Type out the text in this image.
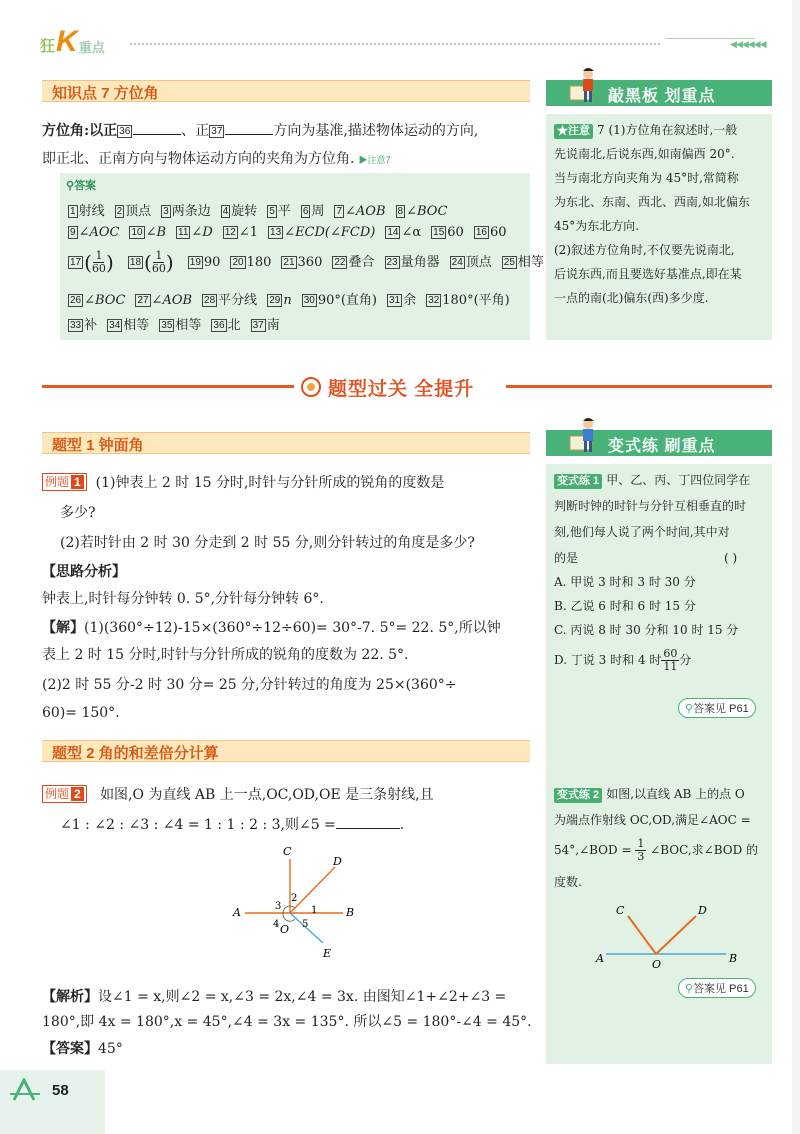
狂 K 重点	◀◀◀◀◀◀
知识点 7 方位角
方位角:以正 36	、正 37	方向为基准,描述物体运动的方向,
即正北、正南方向与物体运动方向的夹角为方位角. ▶注意7
⚲答案
1 射线 2 顶点 3 两条边 4 旋转 5 平 6 周 7 ∠AOB 8 ∠BOC
9 ∠AOC 10 ∠B 11 ∠D 12 ∠1 13 ∠ECD(∠FCD) 14 ∠α 15 60 16 60
17 ( $\frac{1}{60}$ ) 18 ( $\frac{1}{60}$ ) 19 90 20 180 21 360 22 叠合 23 量角器 24 顶点 25 相等
26 ∠BOC 27 ∠AOB 28 平分线 29 n 30 90°(直角) 31 余 32 180°(平角)
33 补 34 相等 35 相等 36 北 37 南
敲黑板 划重点
★注意 7 (1)方位角在叙述时,一般
先说南北,后说东西,如南偏西 20°.
当与南北方向夹角为 45°时,常简称
为东北、东南、西北、西南,如北偏东
45°为东北方向.
(2)叙述方位角时,不仅要先说南北,
后说东西,而且要选好基准点,即在某
一点的南(北)偏东(西)多少度.
题型过关 全提升
题型 1 钟面角
例题 1 (1)钟表上 2 时 15 分时,时针与分针所成的锐角的度数是
多少?
(2)若时针由 2 时 30 分走到 2 时 55 分,则分针转过的角度是多少?
【思路分析】
钟表上,时针每分钟转 0. 5°,分针每分钟转 6°.
【解】(1)(360°÷12)-15×(360°÷12÷60)= 30°-7. 5°= 22. 5°,所以钟
表上 2 时 15 分时,时针与分针所成的锐角的度数为 22. 5°.
(2)2 时 55 分-2 时 30 分= 25 分,分针转过的角度为 25×(360°÷
60)= 150°.
变式练 刷重点
变式练 1 甲、乙、丙、丁四位同学在
判断时钟的时针与分针互相垂直的时
刻,他们每人说了两个时间,其中对
的是	( )
A. 甲说 3 时和 3 时 30 分
B. 乙说 6 时和 6 时 15 分
C. 丙说 8 时 30 分和 10 时 15 分
D. 丁说 3 时和 4 时 $\frac{60}{11}$ 分
⚲答案见 P61
变式练 2 如图,以直线 AB 上的点 O
为端点作射线 OC,OD,满足∠AOC =
54°,∠BOD = $\frac{1}{3}$ ∠BOC,求∠BOD 的
度数.
A	B
O
C	D
⚲答案见 P61
题型 2 角的和差倍分计算
例题 2 如图,O 为直线 AB 上一点,OC,OD,OE 是三条射线,且
∠1 : ∠2 : ∠3 : ∠4 = 1 : 1 : 2 : 3,则∠5 =	.
C
D
A	B
O
E
1
2
3
4 5
【解析】设∠1 = x,则∠2 = x,∠3 = 2x,∠4 = 3x. 由图知∠1+∠2+∠3 =
180°,即 4x = 180°,x = 45°,∠4 = 3x = 135°. 所以∠5 = 180°-∠4 = 45°.
【答案】45°
58
